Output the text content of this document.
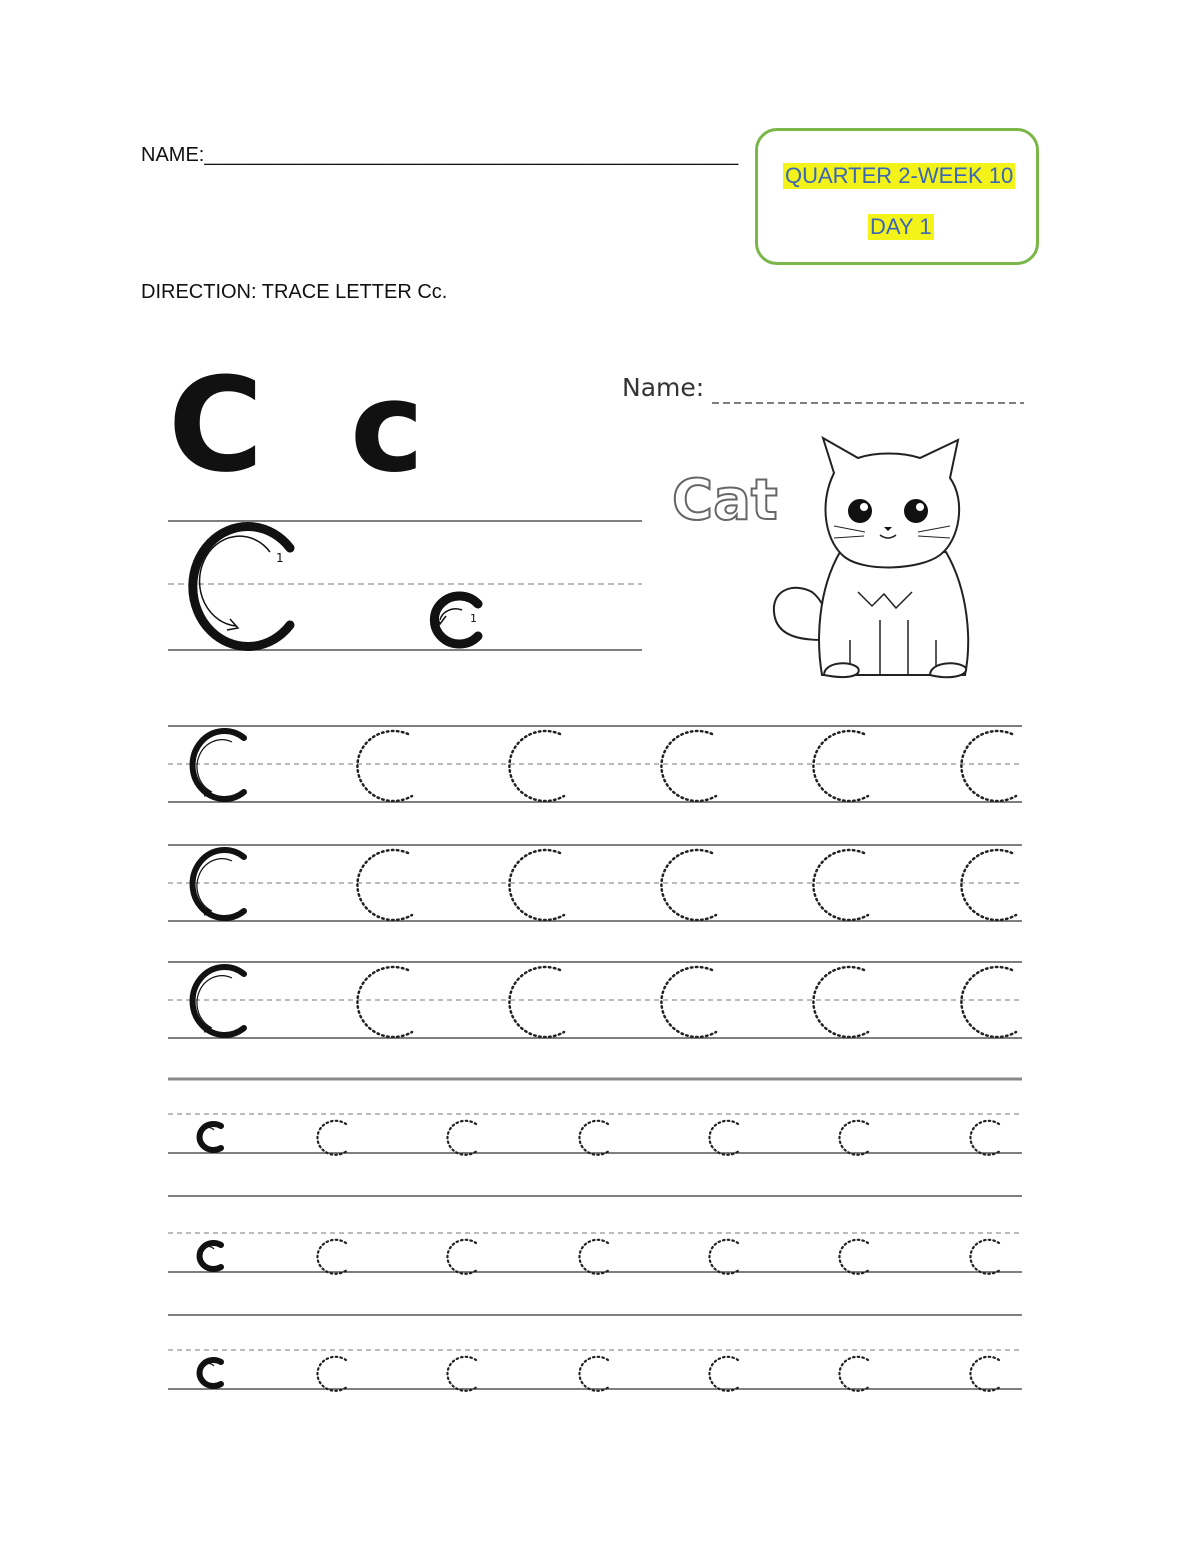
NAME:________________________________________________
QUARTER 2-WEEK 10
DAY 1
DIRECTION: TRACE LETTER Cc.
Name:
C c
1
1
Cat
